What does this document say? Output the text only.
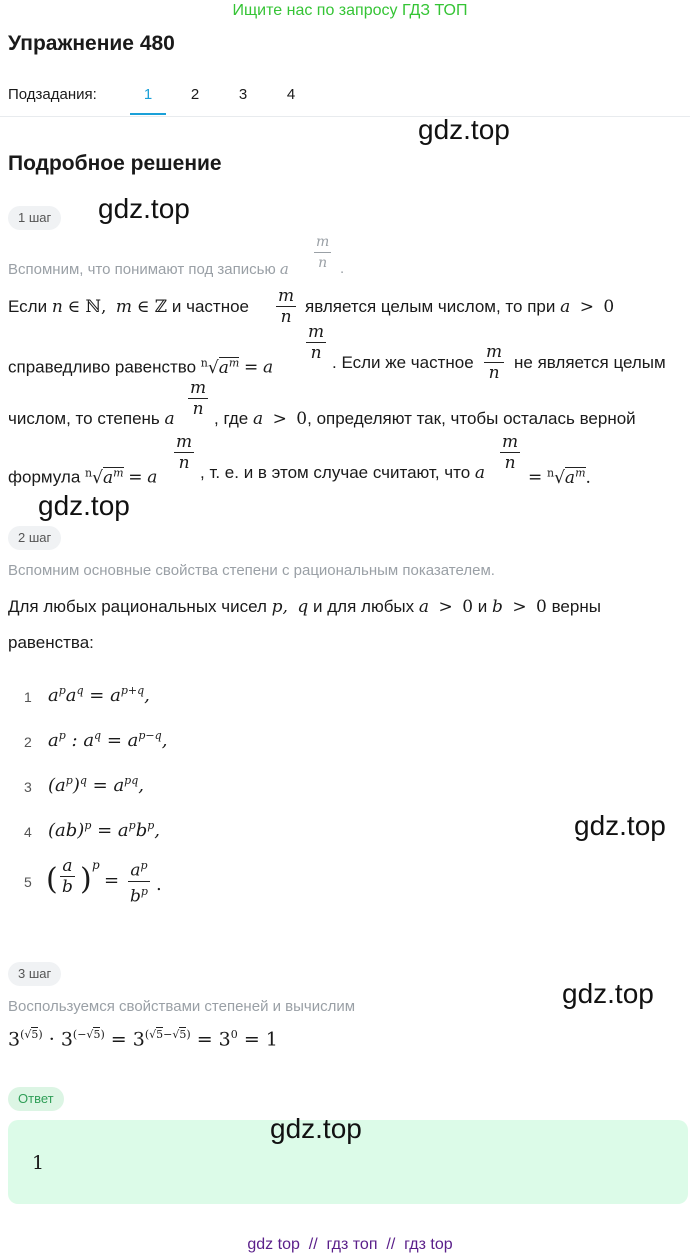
Ищите нас по запросу ГДЗ ТОП
Упражнение 480
Подзадания:	1	2	3	4
gdz.top
Подробное решение
1 шаг	gdz.top
Вспомним, что понимают под записью a $\frac{m}{n}$ .
Если n ∈ ℕ, m ∈ ℤ и частное	$\frac{m}{n}$ является целым числом, то при a > 0
справедливо равенство $^n√a^m = a$
$\frac{m}{n}$ . Если же частное $\frac{m}{n}$ не является целым
числом, то степень a $\frac{m}{n}$ , где a > 0, определяют так, чтобы осталась верной
формула $^n√a^m = a$
$\frac{m}{n}$ , т. е. и в этом случае считают, что a $\frac{m}{n}$
= $^n√a^m$.
gdz.top
2 шаг
Вспомним основные свойства степени с рациональным показателем.
Для любых рациональных чисел p, q и для любых a > 0 и b > 0 верны
равенства:
1 $a^pa^q = a^{p+q}$,
2 $a^p$ : $a^q = a^{p-q}$,
3 $(a^p)^q = a^{pq}$,
4 $(ab)^p = a^pb^p$,	gdz.top
5 ( $\frac{a}{b}$ ) p
= $\frac{a^p}{b^p}$ .
3 шаг
gdz.top
Воспользуемся свойствами степеней и вычислим
$3^{(√5)} \cdot 3^{(-√5)} = 3^{(√5-√5)} = 3^0 = 1$
Ответ
gdz.top
1
gdz top  //  гдз топ  //  гдз top
